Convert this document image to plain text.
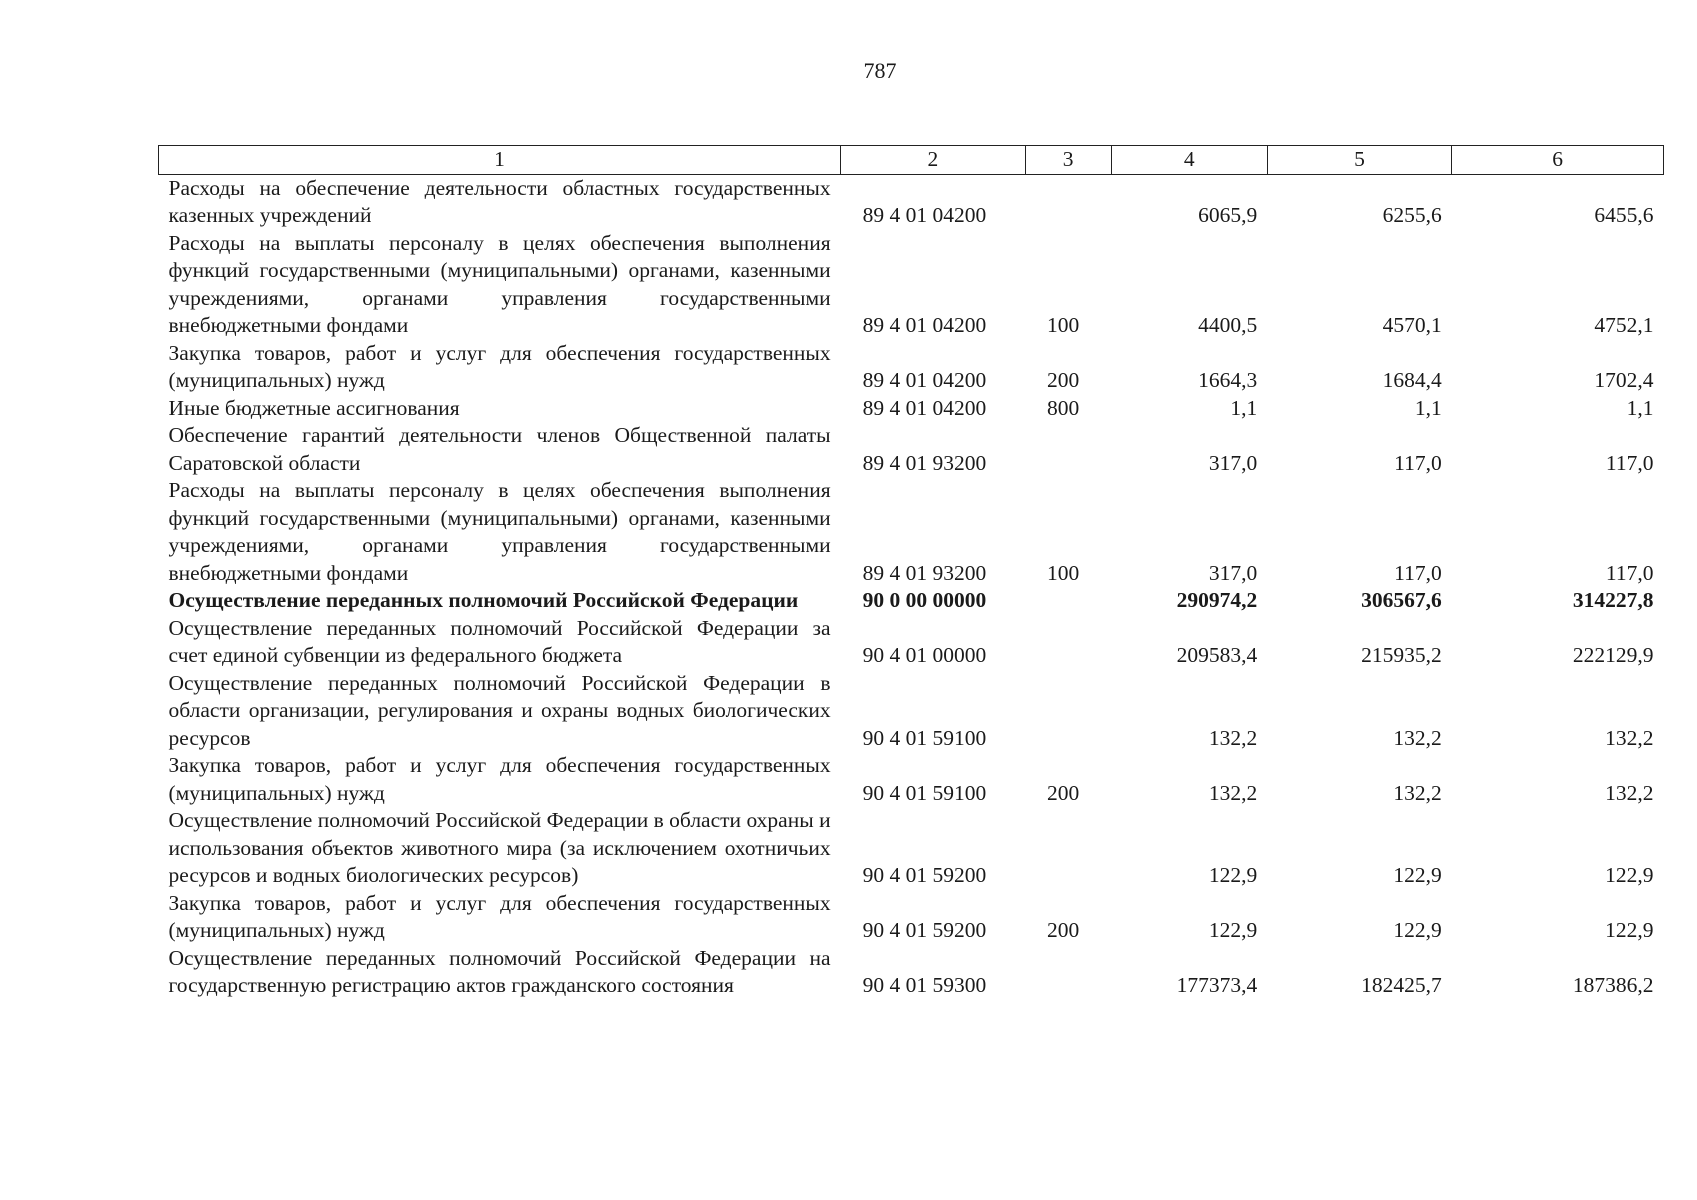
787
1	2	3	4	5	6
Расходы на обеспечение деятельности областных государственных казенных учреждений	89 4 01 04200		6065,9	6255,6	6455,6
Расходы на выплаты персоналу в целях обеспечения выполнения функций государственными (муниципальными) органами, казенными учреждениями, органами управления государственными внебюджетными фондами	89 4 01 04200	100	4400,5	4570,1	4752,1
Закупка товаров, работ и услуг для обеспечения государственных (муниципальных) нужд	89 4 01 04200	200	1664,3	1684,4	1702,4
Иные бюджетные ассигнования	89 4 01 04200	800	1,1	1,1	1,1
Обеспечение гарантий деятельности членов Общественной палаты Саратовской области	89 4 01 93200		317,0	117,0	117,0
Расходы на выплаты персоналу в целях обеспечения выполнения функций государственными (муниципальными) органами, казенными учреждениями, органами управления государственными внебюджетными фондами	89 4 01 93200	100	317,0	117,0	117,0
Осуществление переданных полномочий Российской Федерации	90 0 00 00000		290974,2	306567,6	314227,8
Осуществление переданных полномочий Российской Федерации за счет единой субвенции из федерального бюджета	90 4 01 00000		209583,4	215935,2	222129,9
Осуществление переданных полномочий Российской Федерации в области организации, регулирования и охраны водных биологических ресурсов	90 4 01 59100		132,2	132,2	132,2
Закупка товаров, работ и услуг для обеспечения государственных (муниципальных) нужд	90 4 01 59100	200	132,2	132,2	132,2
Осуществление полномочий Российской Федерации в области охраны и использования объектов животного мира (за исключением охотничьих ресурсов и водных биологических ресурсов)	90 4 01 59200		122,9	122,9	122,9
Закупка товаров, работ и услуг для обеспечения государственных (муниципальных) нужд	90 4 01 59200	200	122,9	122,9	122,9
Осуществление переданных полномочий Российской Федерации на государственную регистрацию актов гражданского состояния	90 4 01 59300		177373,4	182425,7	187386,2
